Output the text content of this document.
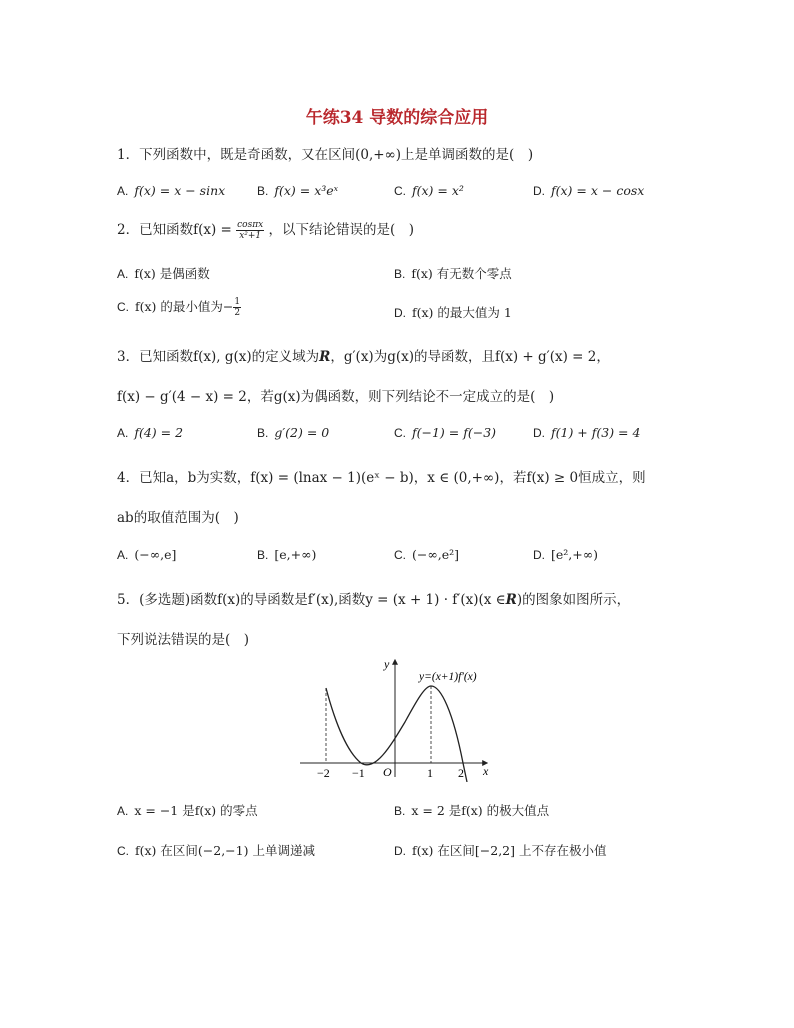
午练34 导数的综合应用
1．下列函数中，既是奇函数，又在区间(0,+∞)上是单调函数的是(　)
A. f(x) = x − sinx	B. f(x) = x³eˣ	C. f(x) = x²	D. f(x) = x − cosx
2．已知函数$f(x) = \frac{\cos\pi x}{\text{x²+1}}$ ，以下结论错误的是(　)
A. f(x) 是偶函数	B. f(x) 有无数个零点
C. f(x) 的最小值为− $\frac{1}{2}$	D. f(x) 的最大值为 1
3．已知函数f(x), g(x)的定义域为R，g′(x)为g(x)的导函数，且f(x) + g′(x) = 2，
f(x) − g′(4 − x) = 2，若g(x)为偶函数，则下列结论不一定成立的是(　)
A. f(4) = 2	B. g′(2) = 0	C. f(−1) = f(−3)	D. f(1) + f(3) = 4
4．已知a，b为实数，f(x) = (lnax − 1)(eˣ − b)，x ∈ (0,+∞)，若f(x) ≥ 0恒成立，则
ab的取值范围为(　)
A. (−∞,e]	B. [e,+∞)	C. (−∞,e²]	D. [e²,+∞)
5．(多选题)函数f(x)的导函数是f′(x),函数y = (x + 1) · f′(x)(x ∈R)的图象如图所示，
下列说法错误的是(　)
y
x
O
y=(x+1)f′(x)
−2 −1	1 2
A. x = −1 是f(x) 的零点	B. x = 2 是f(x) 的极大值点
C. f(x) 在区间(−2,−1) 上单调递减	D. f(x) 在区间[−2,2] 上不存在极小值
